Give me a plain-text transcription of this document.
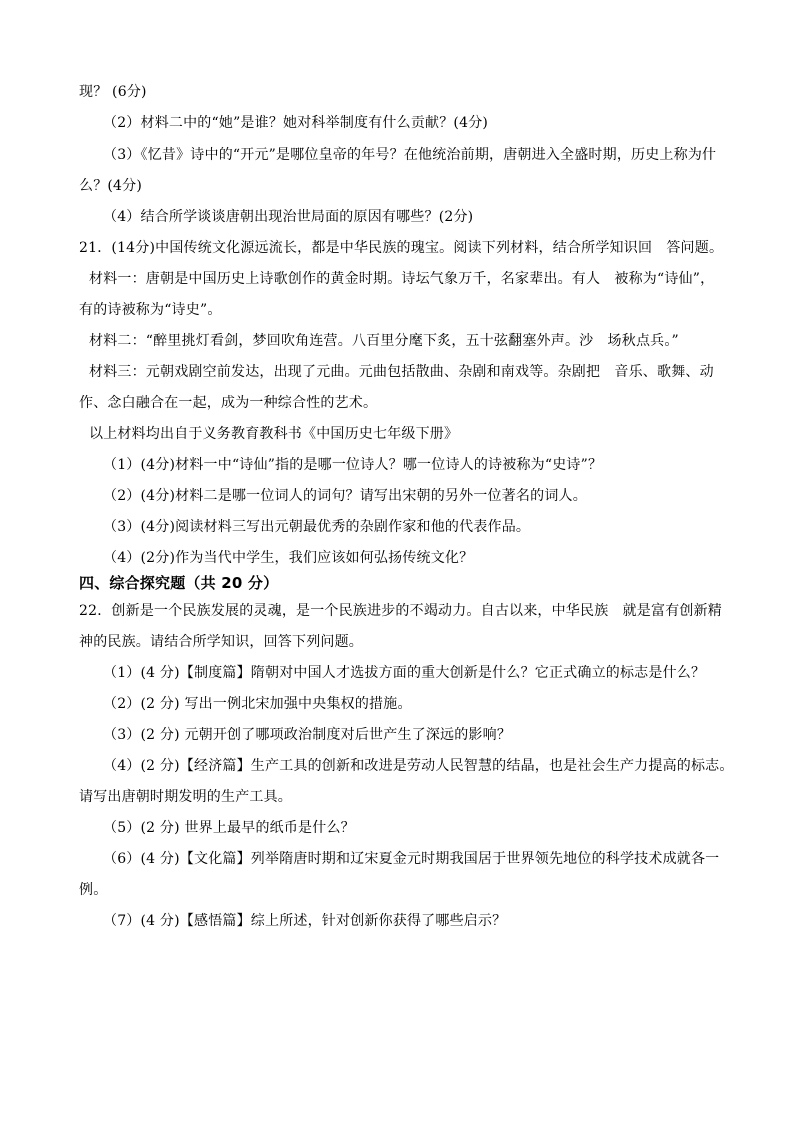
现？ (6分)
（2）材料二中的“她”是谁？她对科举制度有什么贡献？(4分)
（3）《忆昔》诗中的“开元”是哪位皇帝的年号？在他统治前期，唐朝进入全盛时期，历史上称为什
么？(4分)
（4）结合所学谈谈唐朝出现治世局面的原因有哪些？(2分)
21．(14分)中国传统文化源远流长，都是中华民族的瑰宝。阅读下列材料，结合所学知识回　答问题。
材料一：唐朝是中国历史上诗歌创作的黄金时期。诗坛气象万千，名家辈出。有人　被称为“诗仙”，
有的诗被称为“诗史”。
材料二：“醉里挑灯看剑，梦回吹角连营。八百里分麾下炙，五十弦翻塞外声。沙　场秋点兵。”
材料三：元朝戏剧空前发达，出现了元曲。元曲包括散曲、杂剧和南戏等。杂剧把　音乐、歌舞、动
作、念白融合在一起，成为一种综合性的艺术。
以上材料均出自于义务教育教科书《中国历史七年级下册》
（1）(4分)材料一中“诗仙”指的是哪一位诗人？哪一位诗人的诗被称为“史诗”？
（2）(4分)材料二是哪一位词人的词句？请写出宋朝的另外一位著名的词人。
（3）(4分)阅读材料三写出元朝最优秀的杂剧作家和他的代表作品。
（4）(2分)作为当代中学生，我们应该如何弘扬传统文化？
四、综合探究题（共 20 分）
22．创新是一个民族发展的灵魂，是一个民族进步的不竭动力。自古以来，中华民族　就是富有创新精
神的民族。请结合所学知识，回答下列问题。
（1）(4 分)【制度篇】隋朝对中国人才选拔方面的重大创新是什么？它正式确立的标志是什么？
（2）(2 分) 写出一例北宋加强中央集权的措施。
（3）(2 分) 元朝开创了哪项政治制度对后世产生了深远的影响？
（4）(2 分)【经济篇】生产工具的创新和改进是劳动人民智慧的结晶，也是社会生产力提高的标志。
请写出唐朝时期发明的生产工具。
（5）(2 分) 世界上最早的纸币是什么？
（6）(4 分)【文化篇】列举隋唐时期和辽宋夏金元时期我国居于世界领先地位的科学技术成就各一
例。
（7）(4 分)【感悟篇】综上所述，针对创新你获得了哪些启示？
